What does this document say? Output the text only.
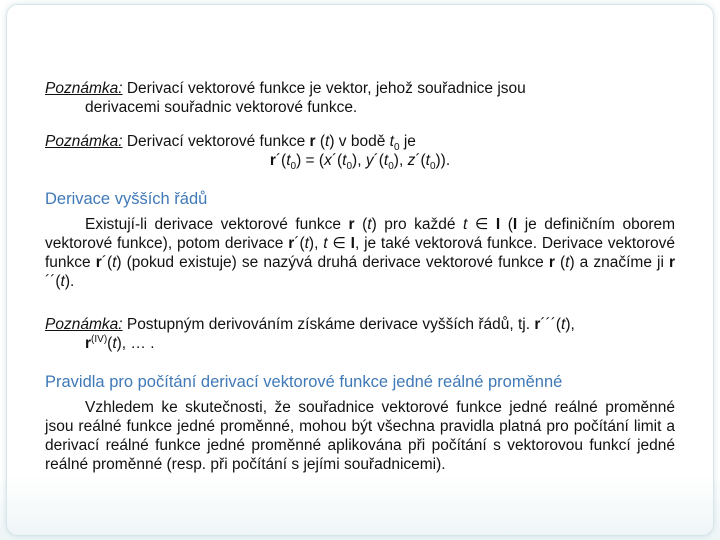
Poznámka: Derivací vektorové funkce je vektor, jehož souřadnice jsou

derivacemi souřadnic vektorové funkce.

Poznámka: Derivací vektorové funkce r (t) v bodě $t_0$ je

$r´(t_0)$ = ($x´(t_0)$, $y´(t_0)$, $z´(t_0)$).

Derivace vyšších řádů

Existují-li derivace vektorové funkce r (t) pro každé t ∈ I (I je definičním oborem vektorové funkce), potom derivace r´(t), t ∈ I, je také vektorová funkce. Derivace vektorové funkce r´(t) (pokud existuje) se nazývá druhá derivace vektorové funkce r (t) a značíme ji r´´(t).

Poznámka: Postupným derivováním získáme derivace vyšších řádů, tj. r´´´(t),

$r^{(IV)}(t)$, … .

Pravidla pro počítání derivací vektorové funkce jedné reálné proměnné

Vzhledem ke skutečnosti, že souřadnice vektorové funkce jedné reálné proměnné jsou reálné funkce jedné proměnné, mohou být všechna pravidla platná pro počítání limit a derivací reálné funkce jedné proměnné aplikována při počítání s vektorovou funkcí jedné reálné proměnné (resp. při počítání s jejími souřadnicemi).
